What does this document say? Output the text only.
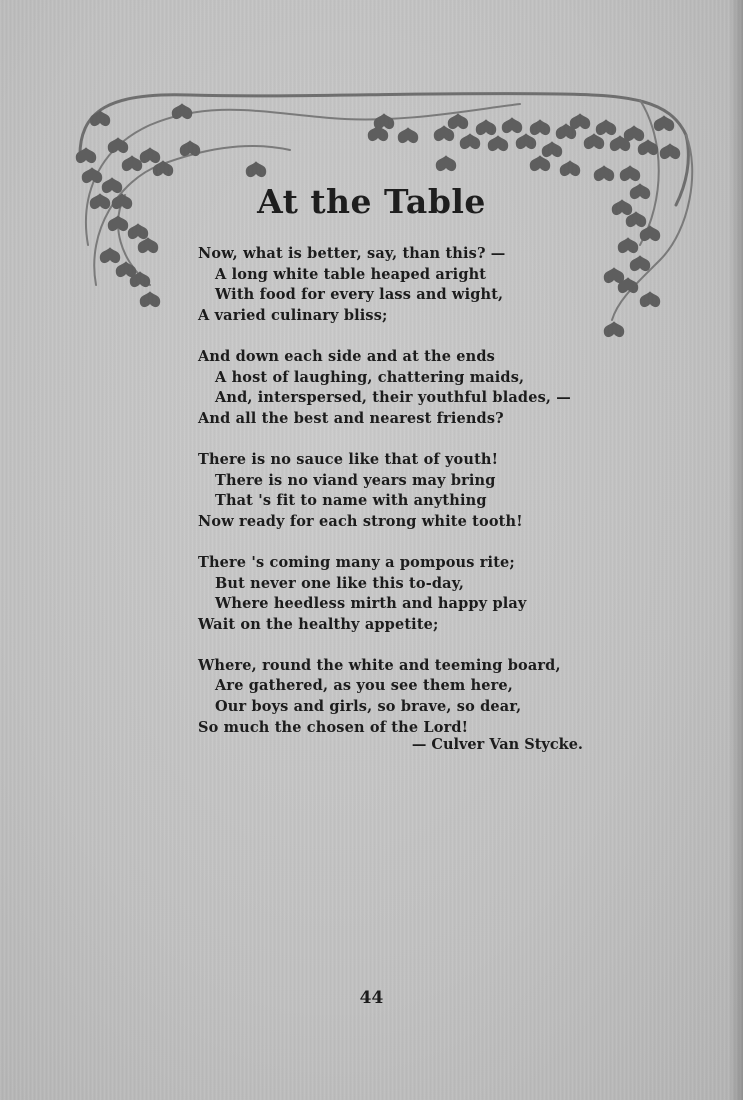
At the Table
Now, what is better, say, than this? —
A long white table heaped aright
With food for every lass and wight,
A varied culinary bliss;
And down each side and at the ends
A host of laughing, chattering maids,
And, interspersed, their youthful blades, —
And all the best and nearest friends?
There is no sauce like that of youth!
There is no viand years may bring
That 's fit to name with anything
Now ready for each strong white tooth!
There 's coming many a pompous rite;
But never one like this to-day,
Where heedless mirth and happy play
Wait on the healthy appetite;
Where, round the white and teeming board,
Are gathered, as you see them here,
Our boys and girls, so brave, so dear,
So much the chosen of the Lord!

— Culver Van Stycke.

44
